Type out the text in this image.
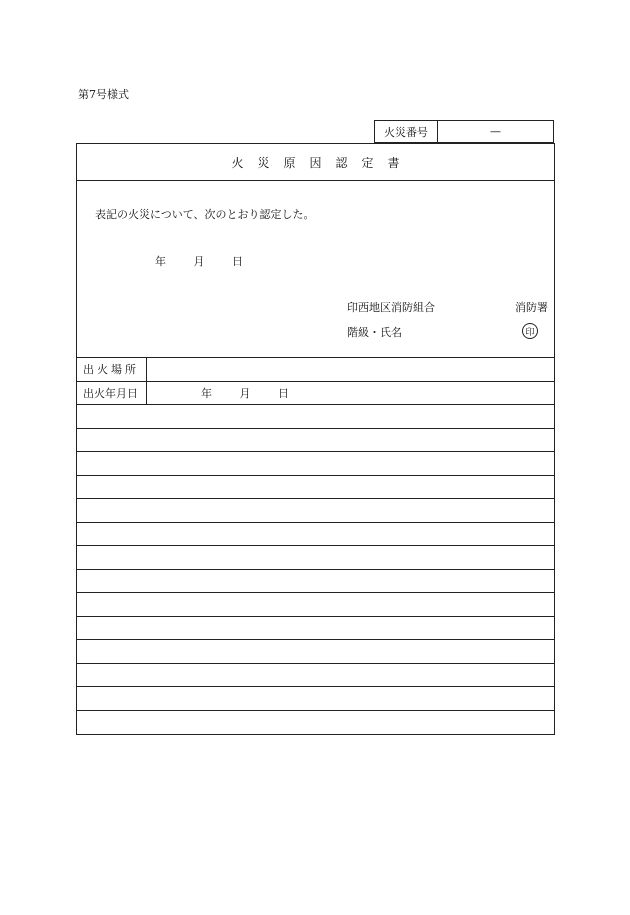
第7号様式
火災番号	—
火災原因認定書
表記の火災について、次のとおり認定した。
年	月	日
印西地区消防組合	消防署
階級・氏名	印
出火場所
出火年月日	年	月	日
